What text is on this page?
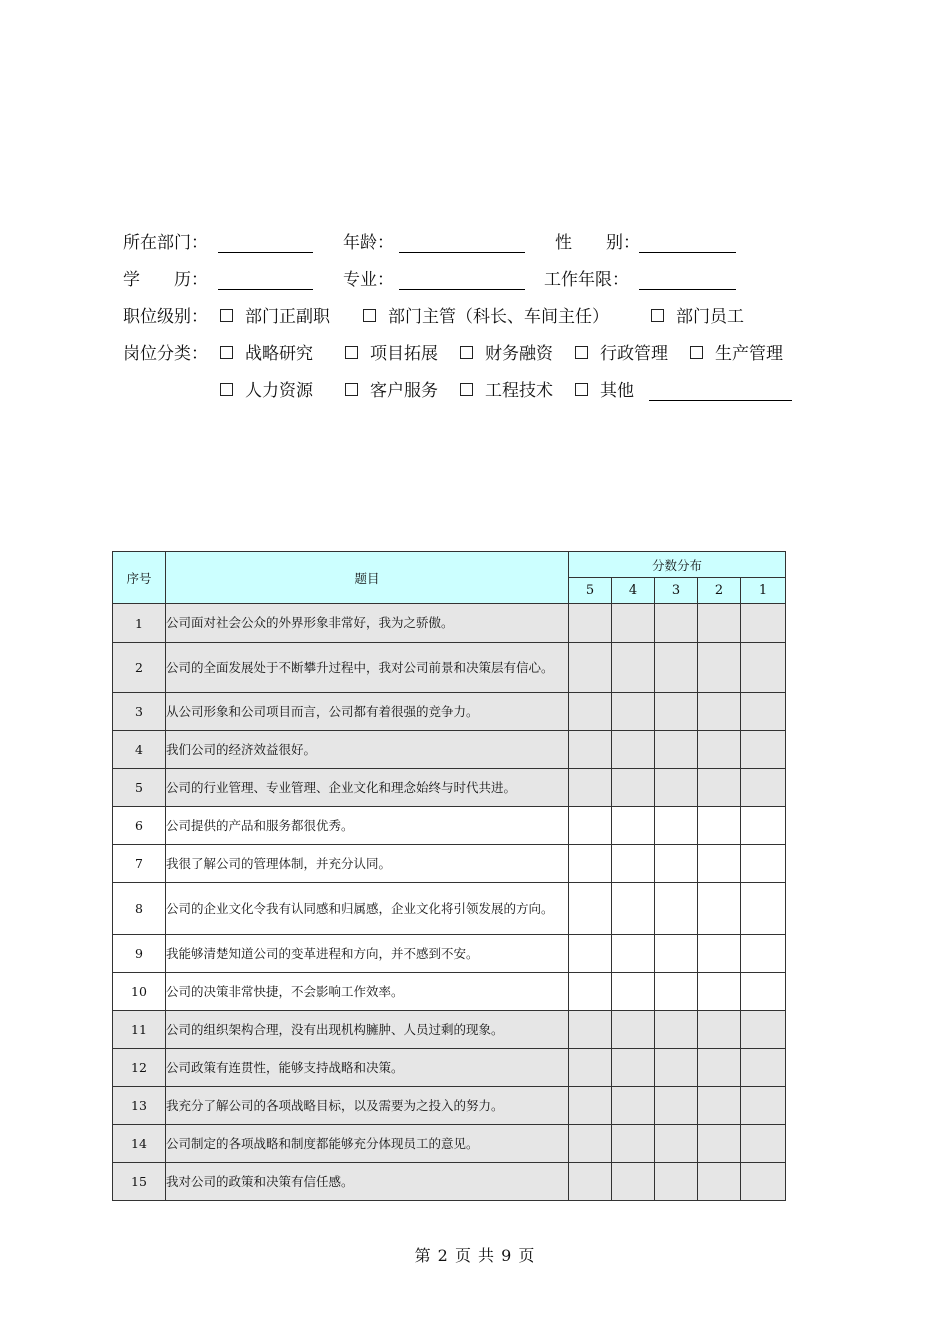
所在部门：	年龄：	性　　别：
学　　历：	专业：	工作年限：
职位级别：	部门正副职	部门主管（科长、车间主任）	部门员工
岗位分类：	战略研究	项目拓展	财务融资	行政管理	生产管理
人力资源	客户服务	工程技术	其他
序号	题目	分数分布				
		5	4	3	2	1
1	公司面对社会公众的外界形象非常好，我为之骄傲。					
2	公司的全面发展处于不断攀升过程中，我对公司前景和决策层有信心。					
3	从公司形象和公司项目而言，公司都有着很强的竞争力。					
4	我们公司的经济效益很好。					
5	公司的行业管理、专业管理、企业文化和理念始终与时代共进。					
6	公司提供的产品和服务都很优秀。					
7	我很了解公司的管理体制，并充分认同。					
8	公司的企业文化令我有认同感和归属感，企业文化将引领发展的方向。					
9	我能够清楚知道公司的变革进程和方向，并不感到不安。					
10	公司的决策非常快捷，不会影响工作效率。					
11	公司的组织架构合理，没有出现机构臃肿、人员过剩的现象。					
12	公司政策有连贯性，能够支持战略和决策。					
13	我充分了解公司的各项战略目标，以及需要为之投入的努力。					
14	公司制定的各项战略和制度都能够充分体现员工的意见。					
15	我对公司的政策和决策有信任感。					
第 2 页 共 9 页
